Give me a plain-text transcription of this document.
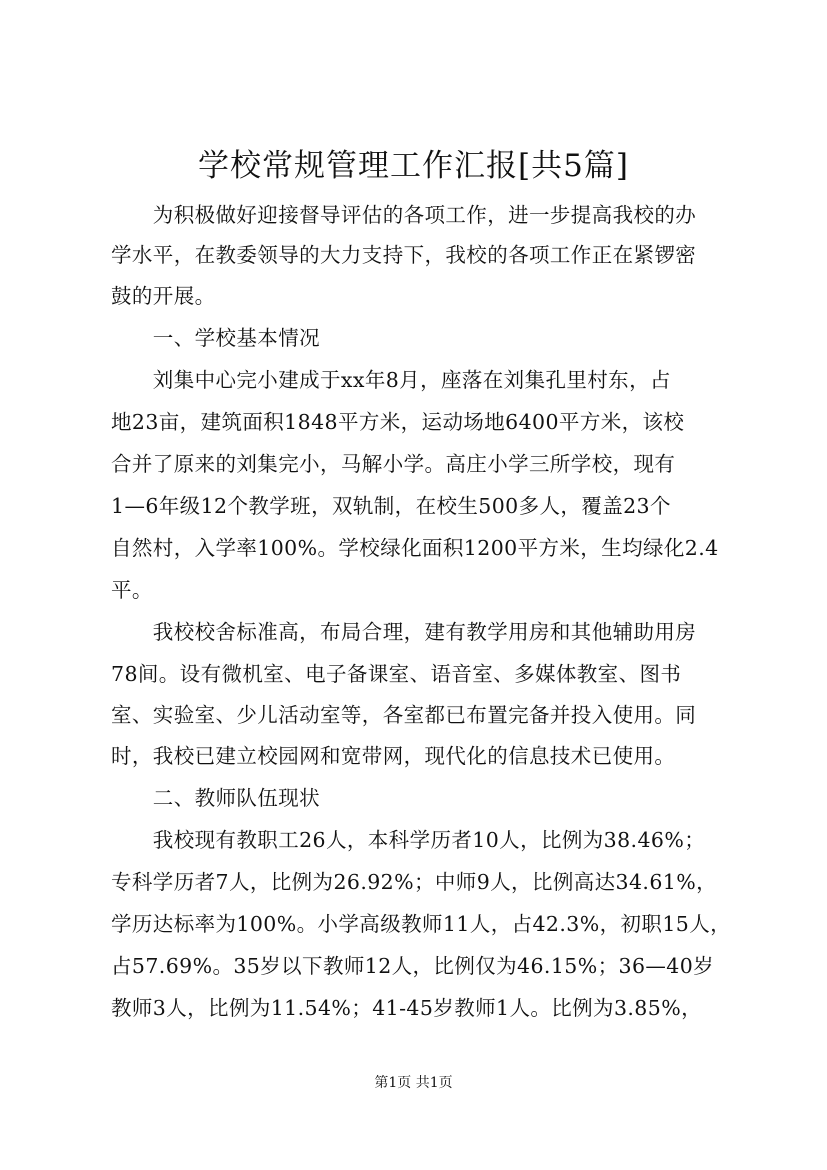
学校常规管理工作汇报[共5篇]
　　为积极做好迎接督导评估的各项工作，进一步提高我校的办
学水平，在教委领导的大力支持下，我校的各项工作正在紧锣密
鼓的开展。
　　一、学校基本情况
　　刘集中心完小建成于xx年8月，座落在刘集孔里村东，占
地23亩，建筑面积1848平方米，运动场地6400平方米，该校
合并了原来的刘集完小，马解小学。高庄小学三所学校，现有
1—6年级12个教学班，双轨制，在校生500多人，覆盖23个
自然村，入学率100%。学校绿化面积1200平方米，生均绿化2.4
平。
　　我校校舍标准高，布局合理，建有教学用房和其他辅助用房
78间。设有微机室、电子备课室、语音室、多媒体教室、图书
室、实验室、少儿活动室等，各室都已布置完备并投入使用。同
时，我校已建立校园网和宽带网，现代化的信息技术已使用。
　　二、教师队伍现状
　　我校现有教职工26人，本科学历者10人，比例为38.46%；
专科学历者7人，比例为26.92%；中师9人，比例高达34.61%，
学历达标率为100%。小学高级教师11人，占42.3%，初职15人，
占57.69%。35岁以下教师12人，比例仅为46.15%；36—40岁
教师3人，比例为11.54%；41-45岁教师1人。比例为3.85%，
第1页 共1页
